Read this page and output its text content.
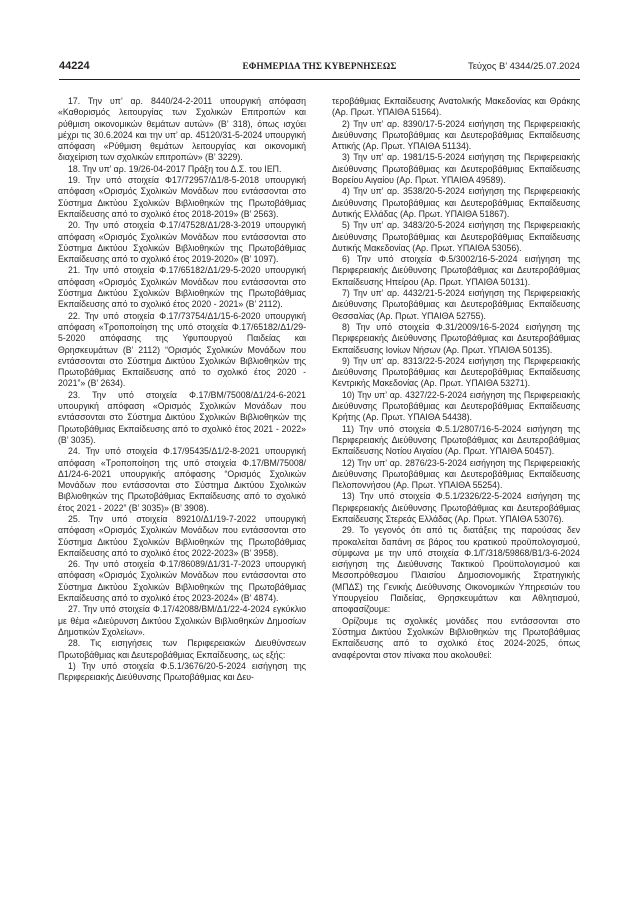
44224	ΕΦΗΜΕΡΙΔΑ ΤΗΣ ΚΥΒΕΡΝΗΣΕΩΣ	Τεύχος Β’ 4344/25.07.2024

17. Την υπ’ αρ. 8440/24-2-2011 υπουργική απόφαση «Καθορισμός λειτουργίας των Σχολικών Επιτροπών και ρύθμιση οικονομικών θεμάτων αυτών» (Β’ 318), όπως ισχύει μέχρι τις 30.6.2024 και την υπ’ αρ. 45120/31-5-2024 υπουργική απόφαση «Ρύθμιση θεμάτων λειτουργίας και οικονομική διαχείριση των σχολικών επιτροπών» (Β’ 3229).

18. Την υπ’ αρ. 19/26-04-2017 Πράξη του Δ.Σ. του ΙΕΠ.

19. Την υπό στοιχεία Φ17/72957/Δ1/8-5-2018 υπουργική απόφαση «Ορισμός Σχολικών Μονάδων που εντάσσονται στο Σύστημα Δικτύου Σχολικών Βιβλιοθηκών της Πρωτοβάθμιας Εκπαίδευσης από το σχολικό έτος 2018-2019» (Β’ 2563).

20. Την υπό στοιχεία Φ.17/47528/Δ1/28-3-2019 υπουργική απόφαση «Ορισμός Σχολικών Μονάδων που εντάσσονται στο Σύστημα Δικτύου Σχολικών Βιβλιοθηκών της Πρωτοβάθμιας Εκπαίδευσης από το σχολικό έτος 2019-2020» (Β’ 1097).

21. Την υπό στοιχεία Φ.17/65182/Δ1/29-5-2020 υπουργική απόφαση «Ορισμός Σχολικών Μονάδων που εντάσσονται στο Σύστημα Δικτύου Σχολικών Βιβλιοθηκών της Πρωτοβάθμιας Εκπαίδευσης από το σχολικό έτος 2020 - 2021» (Β’ 2112).

22. Την υπό στοιχεία Φ.17/73754/Δ1/15-6-2020 υπουργική απόφαση «Τροποποίηση της υπό στοιχεία Φ.17/65182/Δ1/29-5-2020 απόφασης της Υφυπουργού Παιδείας και Θρησκευμάτων (Β’ 2112) “Ορισμός Σχολικών Μονάδων που εντάσσονται στο Σύστημα Δικτύου Σχολικών Βιβλιοθηκών της Πρωτοβάθμιας Εκπαίδευσης από το σχολικό έτος 2020 - 2021”» (Β’ 2634).

23. Την υπό στοιχεία Φ.17/ΒΜ/75008/Δ1/24-6-2021 υπουργική απόφαση «Ορισμός Σχολικών Μονάδων που εντάσσονται στο Σύστημα Δικτύου Σχολικών Βιβλιοθηκών της Πρωτοβάθμιας Εκπαίδευσης από το σχολικό έτος 2021 - 2022» (Β’ 3035).

24. Την υπό στοιχεία Φ.17/95435/Δ1/2-8-2021 υπουργική απόφαση «Τροποποίηση της υπό στοιχεία Φ.17/ΒΜ/75008/Δ1/24-6-2021 υπουργικής απόφασης “Ορισμός Σχολικών Μονάδων που εντάσσονται στο Σύστημα Δικτύου Σχολικών Βιβλιοθηκών της Πρωτοβάθμιας Εκπαίδευσης από το σχολικό έτος 2021 - 2022” (Β’ 3035)» (Β’ 3908).

25. Την υπό στοιχεία 89210/Δ1/19-7-2022 υπουργική απόφαση «Ορισμός Σχολικών Μονάδων που εντάσσονται στο Σύστημα Δικτύου Σχολικών Βιβλιοθηκών της Πρωτοβάθμιας Εκπαίδευσης από το σχολικό έτος 2022-2023» (Β’ 3958).

26. Την υπό στοιχεία Φ.17/86089/Δ1/31-7-2023 υπουργική απόφαση «Ορισμός Σχολικών Μονάδων που εντάσσονται στο Σύστημα Δικτύου Σχολικών Βιβλιοθηκών της Πρωτοβάθμιας Εκπαίδευσης από το σχολικό έτος 2023-2024» (Β’ 4874).

27. Την υπό στοιχεία Φ.17/42088/ΒΜ/Δ1/22-4-2024 εγκύκλιο με θέμα «Διεύρυνση Δικτύου Σχολικών Βιβλιοθηκών Δημοσίων Δημοτικών Σχολείων».

28. Τις εισηγήσεις των Περιφερειακών Διευθύνσεων Πρωτοβάθμιας και Δευτεροβάθμιας Εκπαίδευσης, ως εξής:

1) Την υπό στοιχεία Φ.5.1/3676/20-5-2024 εισήγηση της Περιφερειακής Διεύθυνσης Πρωτοβάθμιας και Δευ-

τεροβάθμιας Εκπαίδευσης Ανατολικής Μακεδονίας και Θράκης (Αρ. Πρωτ. ΥΠΑΙΘΑ 51564).

2) Την υπ’ αρ. 8390/17-5-2024 εισήγηση της Περιφερειακής Διεύθυνσης Πρωτοβάθμιας και Δευτεροβάθμιας Εκπαίδευσης Αττικής (Αρ. Πρωτ. ΥΠΑΙΘΑ 51134).

3) Την υπ’ αρ. 1981/15-5-2024 εισήγηση της Περιφερειακής Διεύθυνσης Πρωτοβάθμιας και Δευτεροβάθμιας Εκπαίδευσης Βορείου Αιγαίου (Αρ. Πρωτ. ΥΠΑΙΘΑ 49589).

4) Την υπ’ αρ. 3538/20-5-2024 εισήγηση της Περιφερειακής Διεύθυνσης Πρωτοβάθμιας και Δευτεροβάθμιας Εκπαίδευσης Δυτικής Ελλάδας (Αρ. Πρωτ. ΥΠΑΙΘΑ 51867).

5) Την υπ’ αρ. 3483/20-5-2024 εισήγηση της Περιφερειακής Διεύθυνσης Πρωτοβάθμιας και Δευτεροβάθμιας Εκπαίδευσης Δυτικής Μακεδονίας (Αρ. Πρωτ. ΥΠΑΙΘΑ 53056).

6) Την υπό στοιχεία Φ.5/3002/16-5-2024 εισήγηση της Περιφερειακής Διεύθυνσης Πρωτοβάθμιας και Δευτεροβάθμιας Εκπαίδευσης Ηπείρου (Αρ. Πρωτ. ΥΠΑΙΘΑ 50131).

7) Την υπ’ αρ. 4432/21-5-2024 εισήγηση της Περιφερειακής Διεύθυνσης Πρωτοβάθμιας και Δευτεροβάθμιας Εκπαίδευσης Θεσσαλίας (Αρ. Πρωτ. ΥΠΑΙΘΑ 52755).

8) Την υπό στοιχεία Φ.31/2009/16-5-2024 εισήγηση της Περιφερειακής Διεύθυνσης Πρωτοβάθμιας και Δευτεροβάθμιας Εκπαίδευσης Ιονίων Νήσων (Αρ. Πρωτ. ΥΠΑΙΘΑ 50135).

9) Την υπ’ αρ. 8313/22-5-2024 εισήγηση της Περιφερειακής Διεύθυνσης Πρωτοβάθμιας και Δευτεροβάθμιας Εκπαίδευσης Κεντρικής Μακεδονίας (Αρ. Πρωτ. ΥΠΑΙΘΑ 53271).

10) Την υπ’ αρ. 4327/22-5-2024 εισήγηση της Περιφερειακής Διεύθυνσης Πρωτοβάθμιας και Δευτεροβάθμιας Εκπαίδευσης Κρήτης (Αρ. Πρωτ. ΥΠΑΙΘΑ 54438).

11) Την υπό στοιχεία Φ.5.1/2807/16-5-2024 εισήγηση της Περιφερειακής Διεύθυνσης Πρωτοβάθμιας και Δευτεροβάθμιας Εκπαίδευσης Νοτίου Αιγαίου (Αρ. Πρωτ. ΥΠΑΙΘΑ 50457).

12) Την υπ’ αρ. 2876/23-5-2024 εισήγηση της Περιφερειακής Διεύθυνσης Πρωτοβάθμιας και Δευτεροβάθμιας Εκπαίδευσης Πελοποννήσου (Αρ. Πρωτ. ΥΠΑΙΘΑ 55254).

13) Την υπό στοιχεία Φ.5.1/2326/22-5-2024 εισήγηση της Περιφερειακής Διεύθυνσης Πρωτοβάθμιας και Δευτεροβάθμιας Εκπαίδευσης Στερεάς Ελλάδας (Αρ. Πρωτ. ΥΠΑΙΘΑ 53076).

29. Το γεγονός ότι από τις διατάξεις της παρούσας δεν προκαλείται δαπάνη σε βάρος του κρατικού προϋπολογισμού, σύμφωνα με την υπό στοιχεία Φ.1/Γ/318/59868/Β1/3-6-2024 εισήγηση της Διεύθυνσης Τακτικού Προϋπολογισμού και Μεσοπρόθεσμου Πλαισίου Δημοσιονομικής Στρατηγικής (ΜΠΔΣ) της Γενικής Διεύθυνσης Οικονομικών Υπηρεσιών του Υπουργείου Παιδείας, Θρησκευμάτων και Αθλητισμού, αποφασίζουμε:

Ορίζουμε τις σχολικές μονάδες που εντάσσονται στο Σύστημα Δικτύου Σχολικών Βιβλιοθηκών της Πρωτοβάθμιας Εκπαίδευσης από το σχολικό έτος 2024-2025, όπως αναφέρονται στον πίνακα που ακολουθεί:
